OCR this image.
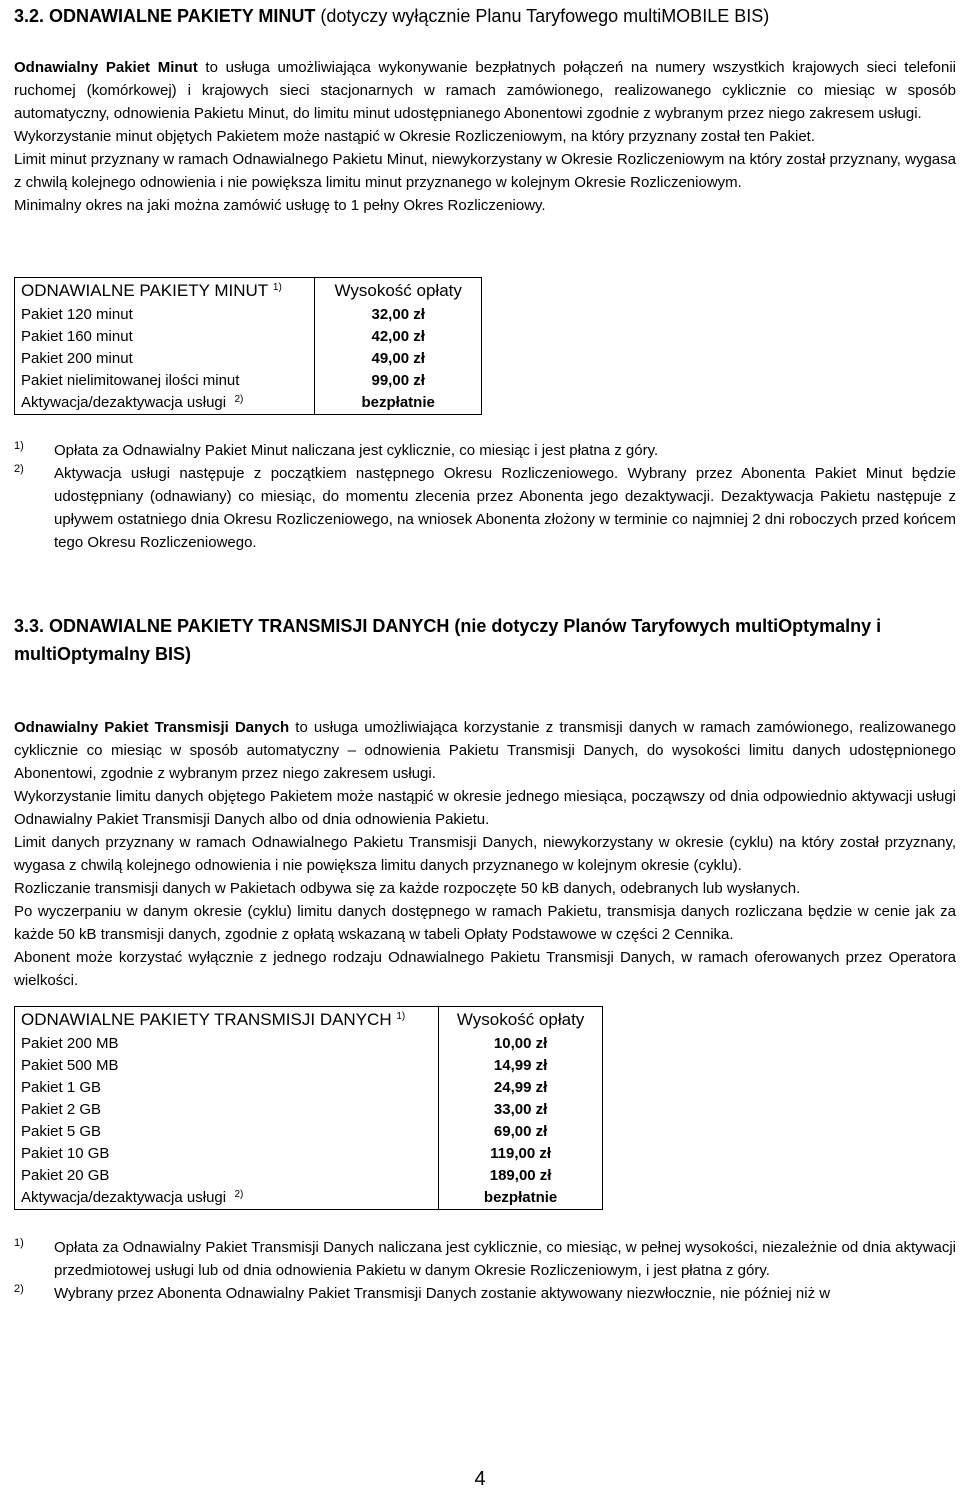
3.2. ODNAWIALNE PAKIETY MINUT (dotyczy wyłącznie Planu Taryfowego multiMOBILE BIS)

Odnawialny Pakiet Minut to usługa umożliwiająca wykonywanie bezpłatnych połączeń na numery wszystkich krajowych sieci telefonii ruchomej (komórkowej) i krajowych sieci stacjonarnych w ramach zamówionego, realizowanego cyklicznie co miesiąc w sposób automatyczny, odnowienia Pakietu Minut, do limitu minut udostępnianego Abonentowi zgodnie z wybranym przez niego zakresem usługi.

Wykorzystanie minut objętych Pakietem może nastąpić w Okresie Rozliczeniowym, na który przyznany został ten Pakiet.

Limit minut przyznany w ramach Odnawialnego Pakietu Minut, niewykorzystany w Okresie Rozliczeniowym na który został przyznany, wygasa z chwilą kolejnego odnowienia i nie powiększa limitu minut przyznanego w kolejnym Okresie Rozliczeniowym.

Minimalny okres na jaki można zamówić usługę to 1 pełny Okres Rozliczeniowy.

ODNAWIALNE PAKIETY MINUT $^{1)}$	Wysokość opłaty
Pakiet 120 minut	32,00 zł
Pakiet 160 minut	42,00 zł
Pakiet 200 minut	49,00 zł
Pakiet nielimitowanej ilości minut	99,00 zł
Aktywacja/dezaktywacja usługi $^{2)}$	bezpłatnie
1) Opłata za Odnawialny Pakiet Minut naliczana jest cyklicznie, co miesiąc i jest płatna z góry.
2) Aktywacja usługi następuje z początkiem następnego Okresu Rozliczeniowego. Wybrany przez Abonenta Pakiet Minut będzie udostępniany (odnawiany) co miesiąc, do momentu zlecenia przez Abonenta jego dezaktywacji. Dezaktywacja Pakietu następuje z upływem ostatniego dnia Okresu Rozliczeniowego, na wniosek Abonenta złożony w terminie co najmniej 2 dni roboczych przed końcem tego Okresu Rozliczeniowego.
3.3. ODNAWIALNE PAKIETY TRANSMISJI DANYCH (nie dotyczy Planów Taryfowych multiOptymalny i multiOptymalny BIS)

Odnawialny Pakiet Transmisji Danych to usługa umożliwiająca korzystanie z transmisji danych w ramach zamówionego, realizowanego cyklicznie co miesiąc w sposób automatyczny – odnowienia Pakietu Transmisji Danych, do wysokości limitu danych udostępnionego Abonentowi, zgodnie z wybranym przez niego zakresem usługi.

Wykorzystanie limitu danych objętego Pakietem może nastąpić w okresie jednego miesiąca, począwszy od dnia odpowiednio aktywacji usługi Odnawialny Pakiet Transmisji Danych albo od dnia odnowienia Pakietu.

Limit danych przyznany w ramach Odnawialnego Pakietu Transmisji Danych, niewykorzystany w okresie (cyklu) na który został przyznany, wygasa z chwilą kolejnego odnowienia i nie powiększa limitu danych przyznanego w kolejnym okresie (cyklu).

Rozliczanie transmisji danych w Pakietach odbywa się za każde rozpoczęte 50 kB danych, odebranych lub wysłanych.

Po wyczerpaniu w danym okresie (cyklu) limitu danych dostępnego w ramach Pakietu, transmisja danych rozliczana będzie w cenie jak za każde 50 kB transmisji danych, zgodnie z opłatą wskazaną w tabeli Opłaty Podstawowe w części 2 Cennika.

Abonent może korzystać wyłącznie z jednego rodzaju Odnawialnego Pakietu Transmisji Danych, w ramach oferowanych przez Operatora wielkości.

ODNAWIALNE PAKIETY TRANSMISJI DANYCH $^{1)}$	Wysokość opłaty
Pakiet 200 MB	10,00 zł
Pakiet 500 MB	14,99 zł
Pakiet 1 GB	24,99 zł
Pakiet 2 GB	33,00 zł
Pakiet 5 GB	69,00 zł
Pakiet 10 GB	119,00 zł
Pakiet 20 GB	189,00 zł
Aktywacja/dezaktywacja usługi $^{2)}$	bezpłatnie
1) Opłata za Odnawialny Pakiet Transmisji Danych naliczana jest cyklicznie, co miesiąc, w pełnej wysokości, niezależnie od dnia aktywacji przedmiotowej usługi lub od dnia odnowienia Pakietu w danym Okresie Rozliczeniowym, i jest płatna z góry.
2) Wybrany przez Abonenta Odnawialny Pakiet Transmisji Danych zostanie aktywowany niezwłocznie, nie później niż w
4
